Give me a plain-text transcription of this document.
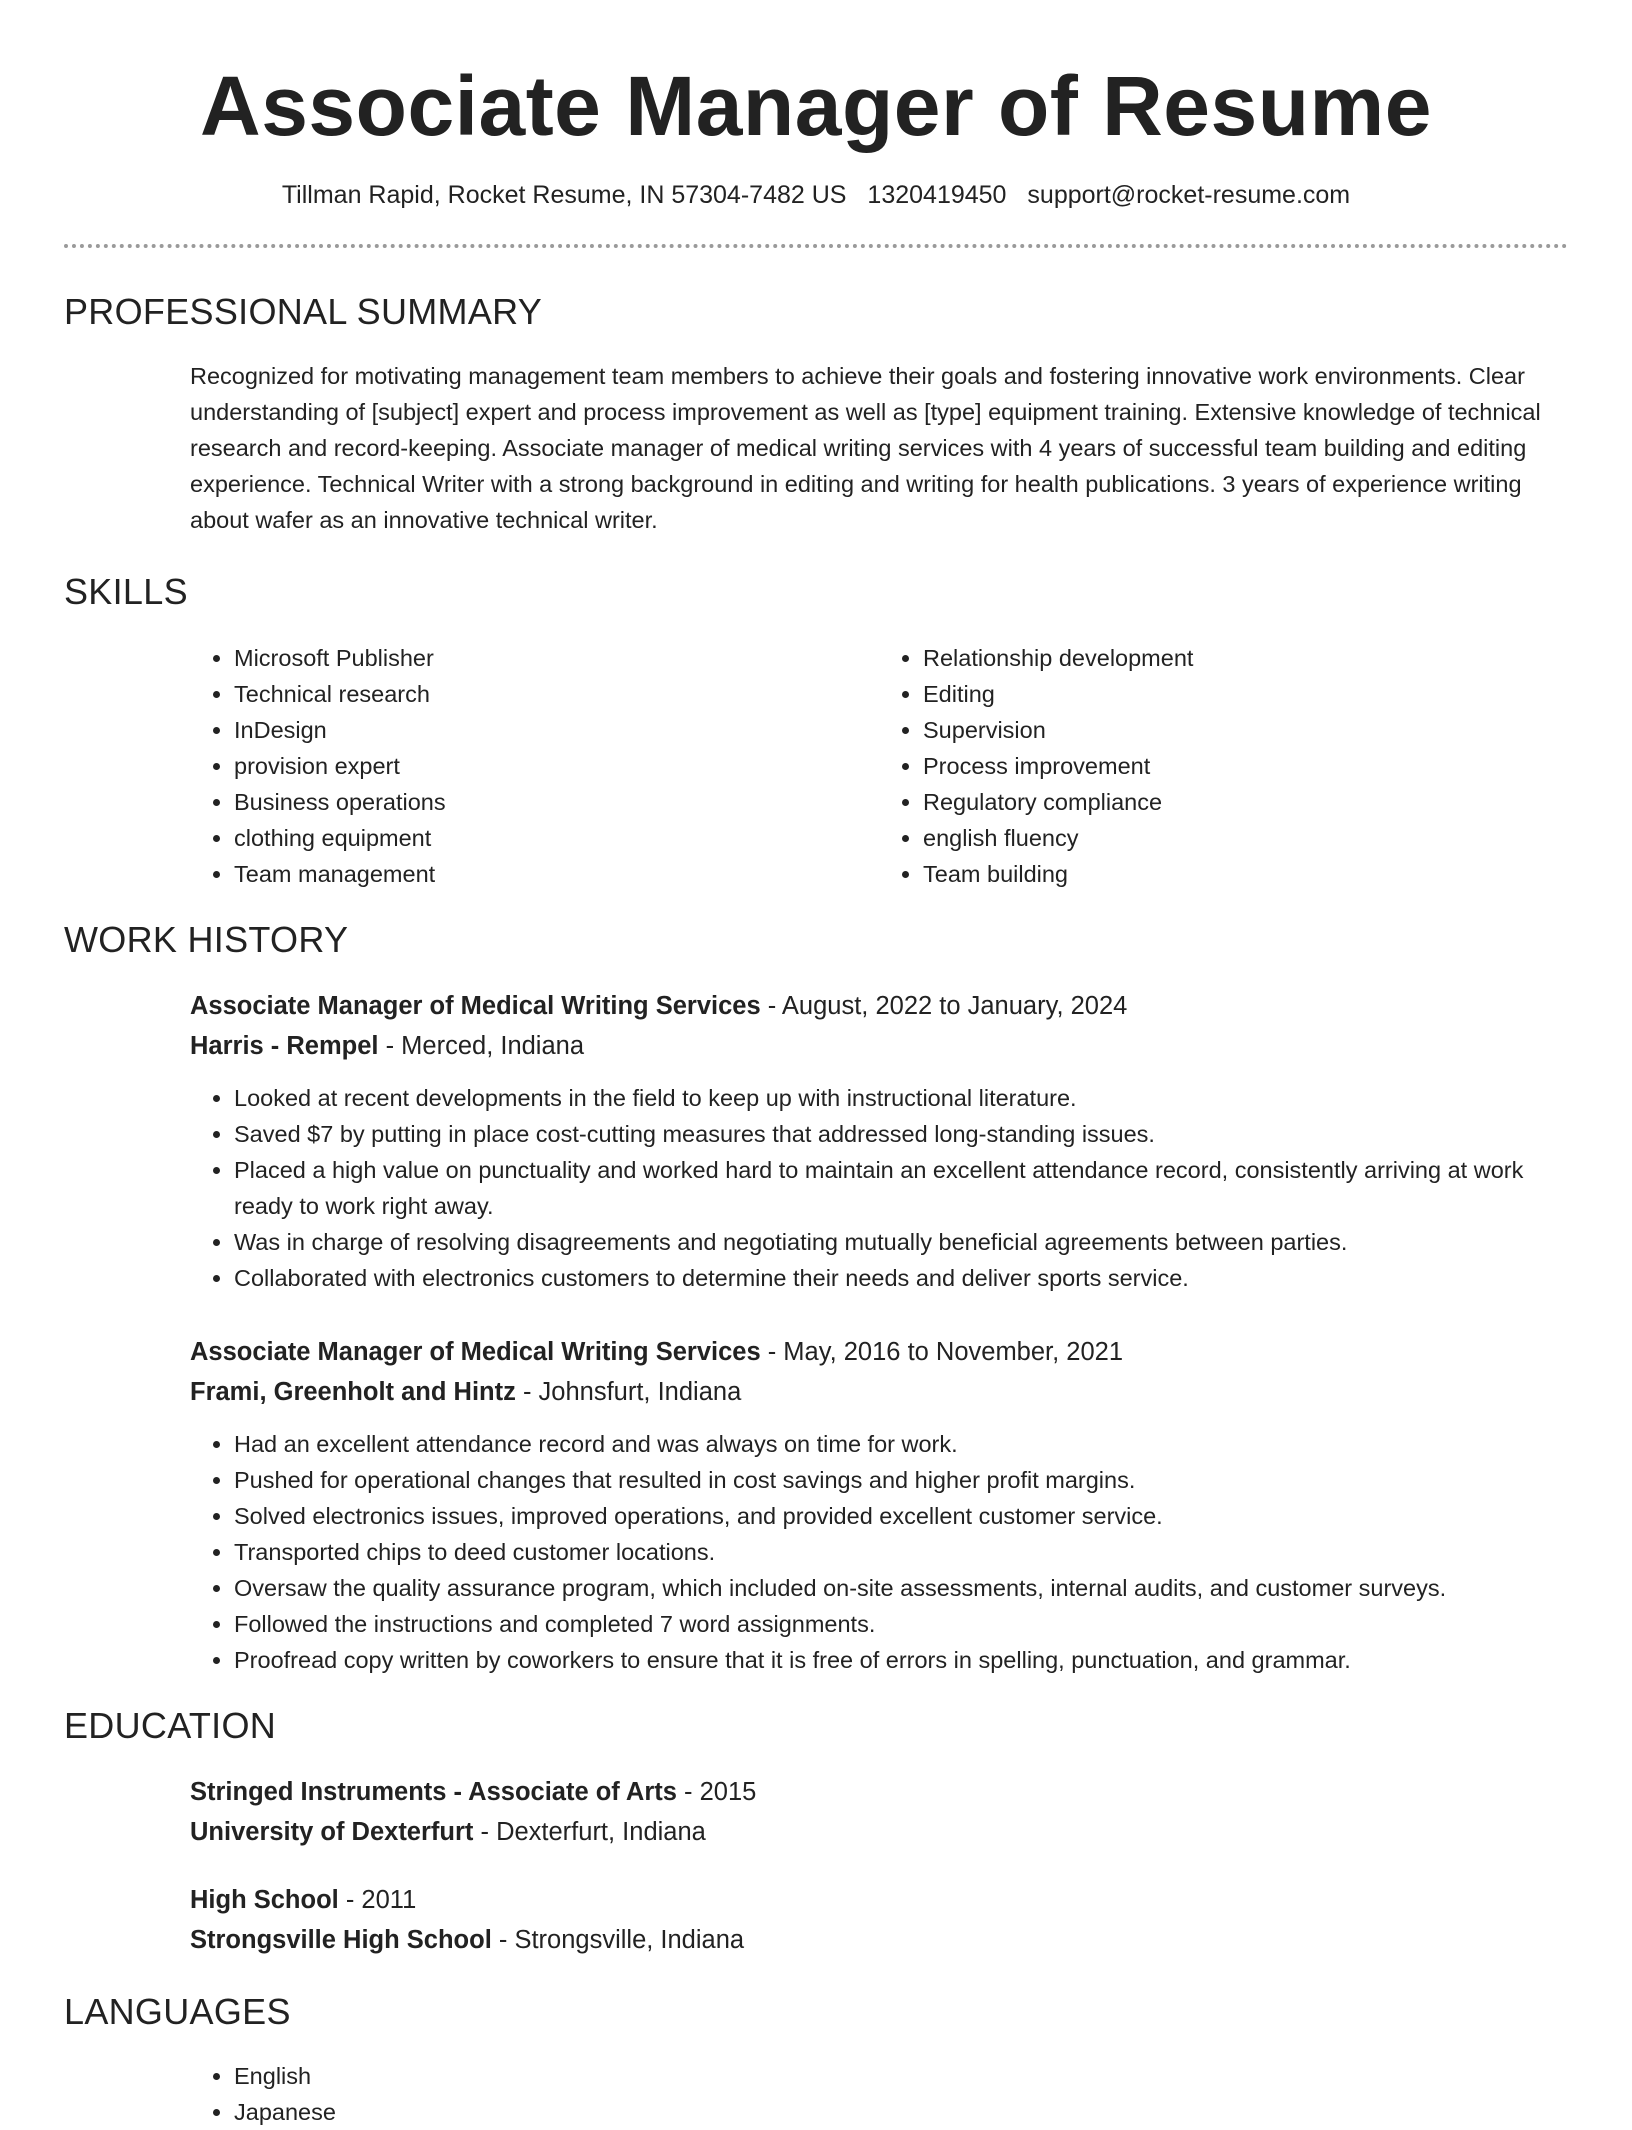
Associate Manager of Resume
Tillman Rapid, Rocket Resume, IN 57304-7482 US 1320419450 support@rocket-resume.com
PROFESSIONAL SUMMARY

Recognized for motivating management team members to achieve their goals and fostering innovative work environments. Clear understanding of [subject] expert and process improvement as well as [type] equipment training. Extensive knowledge of technical research and record-keeping. Associate manager of medical writing services with 4 years of successful team building and editing experience. Technical Writer with a strong background in editing and writing for health publications. 3 years of experience writing about wafer as an innovative technical writer.

SKILLS
• Microsoft Publisher
• Technical research
• InDesign
• provision expert
• Business operations
• clothing equipment
• Team management
• Relationship development
• Editing
• Supervision
• Process improvement
• Regulatory compliance
• english fluency
• Team building
WORK HISTORY
Associate Manager of Medical Writing Services - August, 2022 to January, 2024
Harris - Rempel - Merced, Indiana
• Looked at recent developments in the field to keep up with instructional literature.
• Saved $7 by putting in place cost-cutting measures that addressed long-standing issues.
• Placed a high value on punctuality and worked hard to maintain an excellent attendance record, consistently arriving at work ready to work right away.
• Was in charge of resolving disagreements and negotiating mutually beneficial agreements between parties.
• Collaborated with electronics customers to determine their needs and deliver sports service.
Associate Manager of Medical Writing Services - May, 2016 to November, 2021
Frami, Greenholt and Hintz - Johnsfurt, Indiana
• Had an excellent attendance record and was always on time for work.
• Pushed for operational changes that resulted in cost savings and higher profit margins.
• Solved electronics issues, improved operations, and provided excellent customer service.
• Transported chips to deed customer locations.
• Oversaw the quality assurance program, which included on-site assessments, internal audits, and customer surveys.
• Followed the instructions and completed 7 word assignments.
• Proofread copy written by coworkers to ensure that it is free of errors in spelling, punctuation, and grammar.
EDUCATION
Stringed Instruments - Associate of Arts - 2015
University of Dexterfurt - Dexterfurt, Indiana
High School - 2011
Strongsville High School - Strongsville, Indiana
LANGUAGES
• English
• Japanese
